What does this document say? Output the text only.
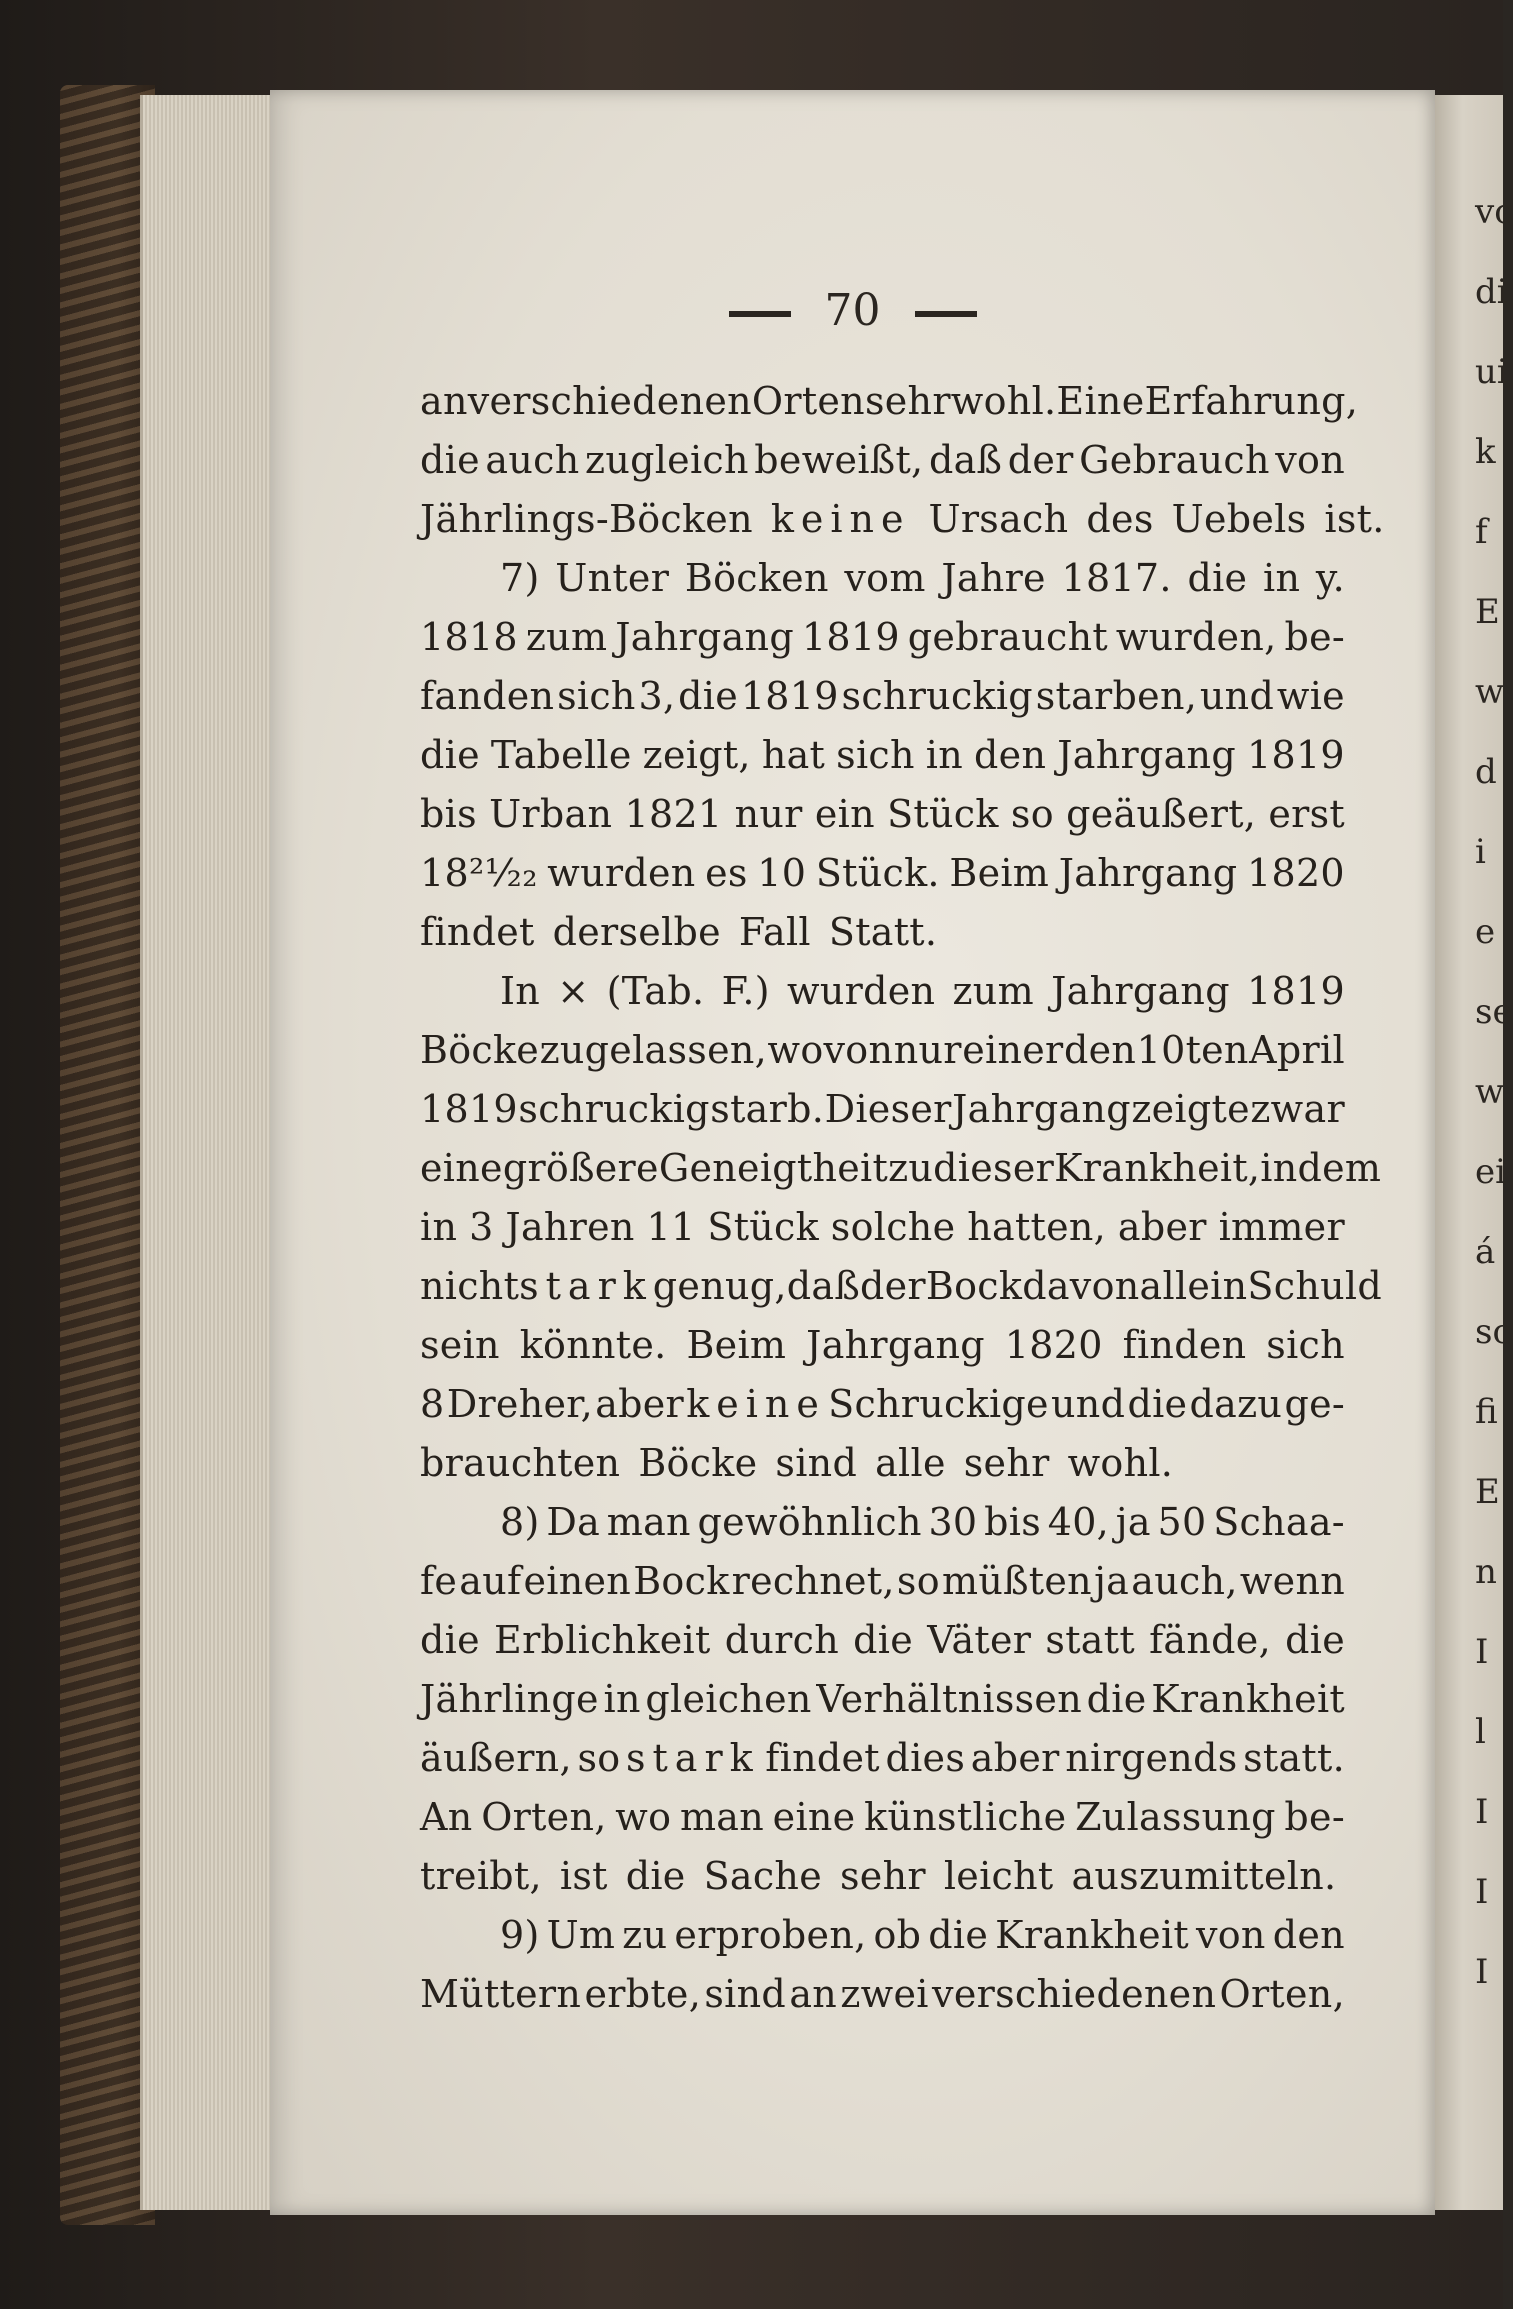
70
an verschiedenen Orten sehr wohl. Eine Erfahrung,
die auch zugleich beweißt, daß der Gebrauch von
Jährlings-Böcken keine Ursach des Uebels ist.
7) Unter Böcken vom Jahre 1817. die in y.
1818 zum Jahrgang 1819 gebraucht wurden, be-
fanden sich 3, die 1819 schruckig starben, und wie
die Tabelle zeigt, hat sich in den Jahrgang 1819
bis Urban 1821 nur ein Stück so geäußert, erst
18²¹⁄₂₂ wurden es 10 Stück. Beim Jahrgang 1820
findet derselbe Fall Statt.
In × (Tab. F.) wurden zum Jahrgang 1819
Böcke zugelassen, wovon nur einer den 10ten April
1819 schruckig starb. Dieser Jahrgang zeigte zwar
eine größere Geneigtheit zu dieser Krankheit, indem
in 3 Jahren 11 Stück solche hatten, aber immer
nicht stark genug, daß der Bock davon allein Schuld
sein könnte. Beim Jahrgang 1820 finden sich
8 Dreher, aber keine Schruckige und die dazu ge-
brauchten Böcke sind alle sehr wohl.
8) Da man gewöhnlich 30 bis 40, ja 50 Schaa-
fe auf einen Bock rechnet, so müßten ja auch, wenn
die Erblichkeit durch die Väter statt fände, die
Jährlinge in gleichen Verhältnissen die Krankheit
äußern, so stark findet dies aber nirgends statt.
An Orten, wo man eine künstliche Zulassung be-
treibt, ist die Sache sehr leicht auszumitteln.
9) Um zu erproben, ob die Krankheit von den
Müttern erbte, sind an zwei verschiedenen Orten,
vc
di
ui
k
f
E
w
d
i
e
se
w
ei
á
sc
fi
E
n
I
l
I
I
I
